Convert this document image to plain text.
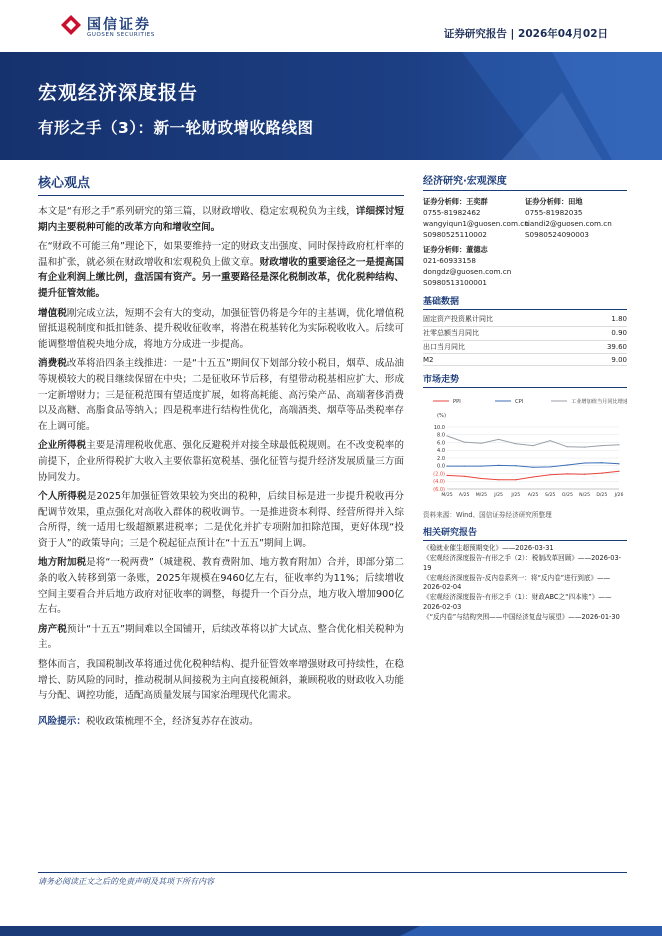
国信证券
GUOSEN SECURITIES	证券研究报告 | 2026年04月02日
宏观经济深度报告
有形之手（3）：新一轮财政增收路线图
核心观点
本文是“有形之手”系列研究的第三篇，以财政增收、稳定宏观税负为主线，详细探讨短期内主要税种可能的改革方向和增收空间。
在“财政不可能三角”理论下，如果要维持一定的财政支出强度、同时保持政府杠杆率的温和扩张，就必须在财政增收和宏观税负上做文章。财政增收的重要途径之一是提高国有企业利润上缴比例，盘活国有资产。另一重要路径是深化税制改革，优化税种结构、提升征管效能。
增值税刚完成立法，短期不会有大的变动，加强征管仍将是今年的主基调，优化增值税留抵退税制度和抵扣链条、提升税收征收率，将潜在税基转化为实际税收收入。后续可能调整增值税央地分成，将地方分成进一步提高。
消费税改革将沿四条主线推进：一是“十五五”期间仅下划部分较小税目，烟草、成品油等规模较大的税目继续保留在中央；二是征收环节后移，有望带动税基相应扩大、形成一定新增财力；三是征税范围有望适度扩展，如将高耗能、高污染产品、高端奢侈消费以及高糖、高脂食品等纳入；四是税率进行结构性优化，高端酒类、烟草等品类税率存在上调可能。
企业所得税主要是清理税收优惠、强化反避税并对接全球最低税规则。在不改变税率的前提下，企业所得税扩大收入主要依靠拓宽税基、强化征管与提升经济发展质量三方面协同发力。
个人所得税是2025年加强征管效果较为突出的税种，后续目标是进一步提升税收再分配调节效果，重点强化对高收入群体的税收调节。一是推进资本利得、经营所得并入综合所得，统一适用七级超额累进税率；二是优化并扩专项附加扣除范围，更好体现“投资于人”的政策导向；三是个税起征点预计在“十五五”期间上调。
地方附加税是将“一税两费”（城建税、教育费附加、地方教育附加）合并，即部分第二条的收入转移到第一条账，2025年规模在9460亿左右，征收率约为11%；后续增收空间主要看合并后地方政府对征收率的调整，每提升一个百分点，地方收入增加900亿左右。
房产税预计“十五五”期间难以全国铺开，后续改革将以扩大试点、整合优化相关税种为主。
整体而言，我国税制改革将通过优化税种结构、提升征管效率增强财政可持续性，在稳增长、防风险的同时，推动税制从间接税为主向直接税倾斜，兼顾税收的财政收入功能与分配、调控功能，适配高质量发展与国家治理现代化需求。
风险提示：税收政策梳理不全，经济复苏存在波动。
经济研究·宏观深度
证券分析师：王奕群
0755-81982462
wangyiqun1@guosen.com.cn
S0980525110002
证券分析师：田地
0755-81982035
tiandi2@guosen.com.cn
S0980524090003
证券分析师：董德志
021-60933158
dongdz@guosen.com.cn
S0980513100001
基础数据
固定资产投资累计同比	1.80
社零总额当月同比	0.90
出口当月同比	39.60
M2	9.00
市场走势
PPI	CPI	工业增加值当月同比增速
(%)
10.0
8.0
6.0
4.0
2.0
0.0
(2.0)
(4.0)
(6.0)
M/25 A/25 M/25 J/25 J/25 A/25 S/25 O/25 N/25 D/25 J/26
资料来源：Wind、国信证券经济研究所整理
相关研究报告
《稳就业催生超预期变化》——2026-03-31
《宏观经济深度报告-有形之手（2）：税制改革回顾》——2026-03-19
《宏观经济深度报告-反内卷系列一：将“反内卷”进行到底》——2026-02-04
《宏观经济深度报告-有形之手（1）：财政ABC之“四本账”》——2026-02-03
《“反内卷”与结构突围——中国经济复盘与展望》——2026-01-30
请务必阅读正文之后的免责声明及其项下所有内容
